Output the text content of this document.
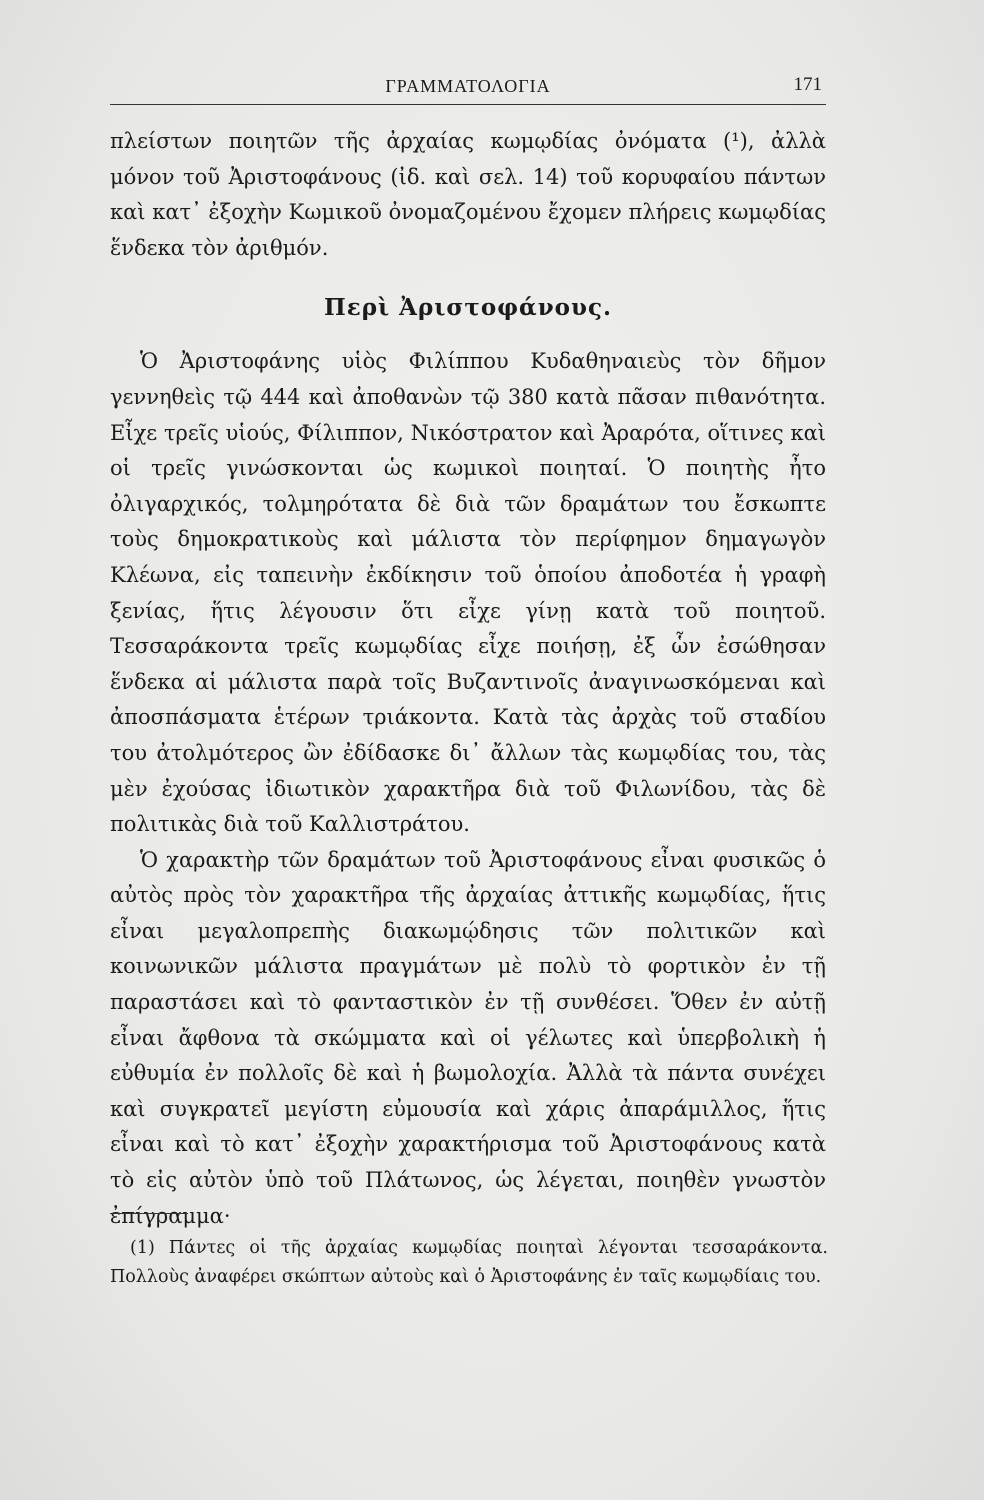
ΓΡΑΜΜΑΤΟΛΟΓΙΑ	171

πλείστων ποιητῶν τῆς ἀρχαίας κωμῳδίας ὀνόματα (¹), ἀλλὰ μόνον τοῦ Ἀριστοφάνους (ἰδ. καὶ σελ. 14) τοῦ κορυφαίου πάντων καὶ κατ᾽ ἐξοχὴν Κωμικοῦ ὀνομαζομένου ἔχομεν πλήρεις κωμῳδίας ἕνδεκα τὸν ἀριθμόν.

Περὶ Ἀριστοφάνους.

Ὁ Ἀριστοφάνης υἱὸς Φιλίππου Κυδαθηναιεὺς τὸν δῆμον γεννηθεὶς τῷ 444 καὶ ἀποθανὼν τῷ 380 κατὰ πᾶσαν πιθανότητα. Εἶχε τρεῖς υἱούς, Φίλιππον, Νικόστρατον καὶ Ἀραρότα, οἵτινες καὶ οἱ τρεῖς γινώσκονται ὡς κωμικοὶ ποιηταί. Ὁ ποιητὴς ἦτο ὀλιγαρχικός, τολμηρότατα δὲ διὰ τῶν δραμάτων του ἔσκωπτε τοὺς δημοκρατικοὺς καὶ μάλιστα τὸν περίφημον δημαγωγὸν Κλέωνα, εἰς ταπεινὴν ἐκδίκησιν τοῦ ὁποίου ἀποδοτέα ἡ γραφὴ ξενίας, ἥτις λέγουσιν ὅτι εἶχε γίνῃ κατὰ τοῦ ποιητοῦ. Τεσσαράκοντα τρεῖς κωμῳδίας εἶχε ποιήσῃ, ἐξ ὧν ἐσώθησαν ἕνδεκα αἱ μάλιστα παρὰ τοῖς Βυζαντινοῖς ἀναγινωσκόμεναι καὶ ἀποσπάσματα ἑτέρων τριάκοντα. Κατὰ τὰς ἀρχὰς τοῦ σταδίου του ἀτολμότερος ὢν ἐδίδασκε δι᾽ ἄλλων τὰς κωμῳδίας του, τὰς μὲν ἐχούσας ἰδιωτικὸν χαρακτῆρα διὰ τοῦ Φιλωνίδου, τὰς δὲ πολιτικὰς διὰ τοῦ Καλλιστράτου.

Ὁ χαρακτὴρ τῶν δραμάτων τοῦ Ἀριστοφάνους εἶναι φυσικῶς ὁ αὐτὸς πρὸς τὸν χαρακτῆρα τῆς ἀρχαίας ἀττικῆς κωμῳδίας, ἥτις εἶναι μεγαλοπρεπὴς διακωμῴδησις τῶν πολιτικῶν καὶ κοινωνικῶν μάλιστα πραγμάτων μὲ πολὺ τὸ φορτικὸν ἐν τῇ παραστάσει καὶ τὸ φανταστικὸν ἐν τῇ συνθέσει. Ὅθεν ἐν αὐτῇ εἶναι ἄφθονα τὰ σκώμματα καὶ οἱ γέλωτες καὶ ὑπερβολικὴ ἡ εὐθυμία ἐν πολλοῖς δὲ καὶ ἡ βωμολοχία. Ἀλλὰ τὰ πάντα συνέχει καὶ συγκρατεῖ μεγίστη εὐμουσία καὶ χάρις ἀπαράμιλλος, ἥτις εἶναι καὶ τὸ κατ᾽ ἐξοχὴν χαρακτήρισμα τοῦ Ἀριστοφάνους κατὰ τὸ εἰς αὐτὸν ὑπὸ τοῦ Πλάτωνος, ὡς λέγεται, ποιηθὲν γνωστὸν ἐπίγραμμα·

(1) Πάντες οἱ τῆς ἀρχαίας κωμῳδίας ποιηταὶ λέγονται τεσσαράκοντα. Πολλοὺς ἀναφέρει σκώπτων αὐτοὺς καὶ ὁ Ἀριστοφάνης ἐν ταῖς κωμῳδίαις του.
